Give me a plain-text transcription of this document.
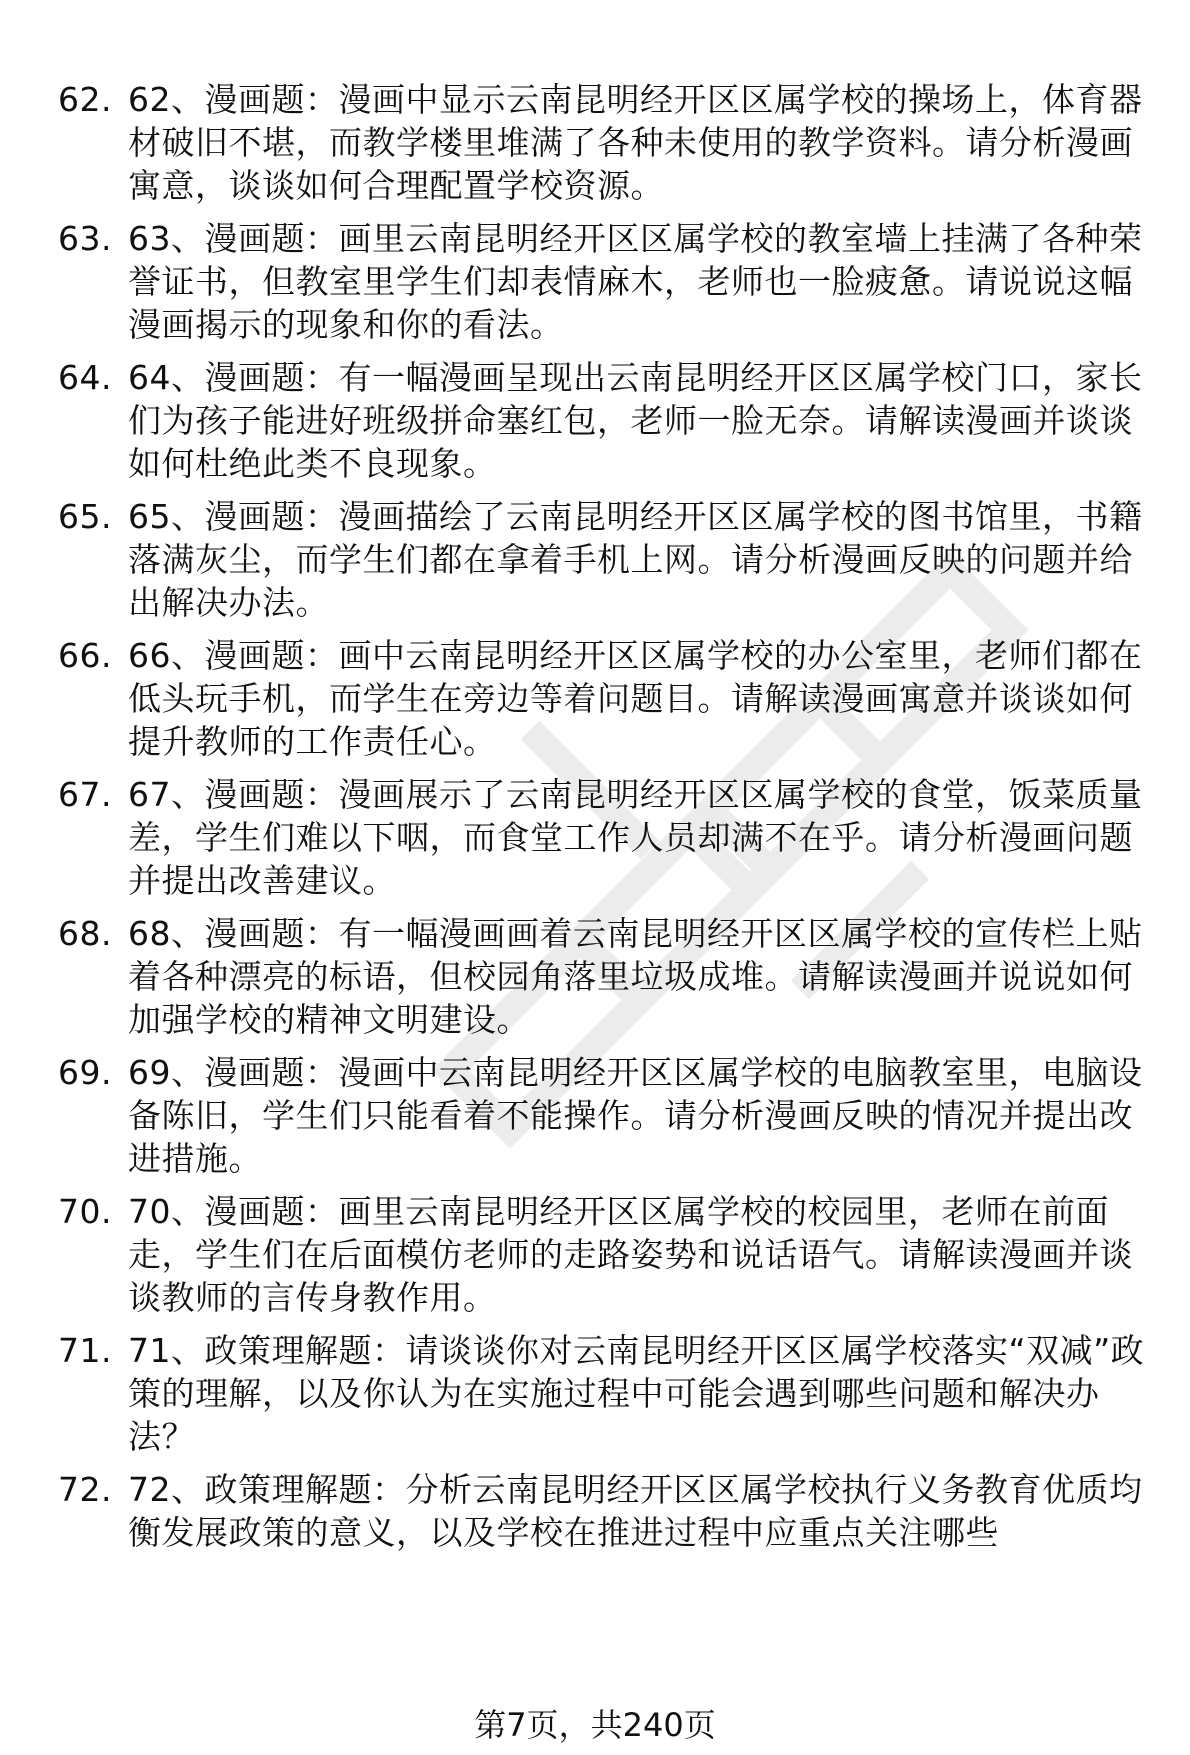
62. 62、漫画题：漫画中显示云南昆明经开区区属学校的操场上，体育器材破旧不堪，而教学楼里堆满了各种未使用的教学资料。请分析漫画寓意，谈谈如何合理配置学校资源。
63. 63、漫画题：画里云南昆明经开区区属学校的教室墙上挂满了各种荣誉证书，但教室里学生们却表情麻木，老师也一脸疲惫。请说说这幅漫画揭示的现象和你的看法。
64. 64、漫画题：有一幅漫画呈现出云南昆明经开区区属学校门口，家长们为孩子能进好班级拼命塞红包，老师一脸无奈。请解读漫画并谈谈如何杜绝此类不良现象。
65. 65、漫画题：漫画描绘了云南昆明经开区区属学校的图书馆里，书籍落满灰尘，而学生们都在拿着手机上网。请分析漫画反映的问题并给出解决办法。
66. 66、漫画题：画中云南昆明经开区区属学校的办公室里，老师们都在低头玩手机，而学生在旁边等着问题目。请解读漫画寓意并谈谈如何提升教师的工作责任心。
67. 67、漫画题：漫画展示了云南昆明经开区区属学校的食堂，饭菜质量差，学生们难以下咽，而食堂工作人员却满不在乎。请分析漫画问题并提出改善建议。
68. 68、漫画题：有一幅漫画画着云南昆明经开区区属学校的宣传栏上贴着各种漂亮的标语，但校园角落里垃圾成堆。请解读漫画并说说如何加强学校的精神文明建设。
69. 69、漫画题：漫画中云南昆明经开区区属学校的电脑教室里，电脑设备陈旧，学生们只能看着不能操作。请分析漫画反映的情况并提出改进措施。
70. 70、漫画题：画里云南昆明经开区区属学校的校园里，老师在前面走，学生们在后面模仿老师的走路姿势和说话语气。请解读漫画并谈谈教师的言传身教作用。
71. 71、政策理解题：请谈谈你对云南昆明经开区区属学校落实“双减”政策的理解，以及你认为在实施过程中可能会遇到哪些问题和解决办法？
72. 72、政策理解题：分析云南昆明经开区区属学校执行义务教育优质均衡发展政策的意义，以及学校在推进过程中应重点关注哪些
第7页，共240页
